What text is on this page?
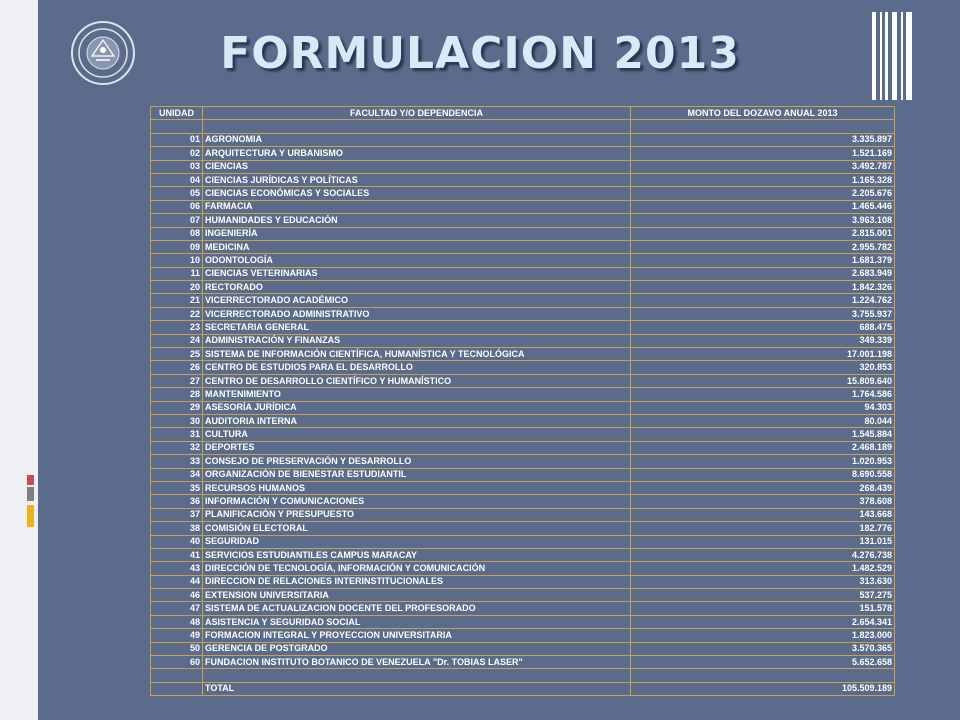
FORMULACION 2013
UNIDAD	FACULTAD Y/O DEPENDENCIA	MONTO DEL DOZAVO ANUAL 2013

01	AGRONOMIA	3.335.897
02	ARQUITECTURA Y URBANISMO	1.521.169
03	CIENCIAS	3.492.787
04	CIENCIAS JURÍDICAS Y POLÍTICAS	1.165.328
05	CIENCIAS ECONÓMICAS Y SOCIALES	2.205.676
06	FARMACIA	1.465.446
07	HUMANIDADES Y EDUCACIÓN	3.963.108
08	INGENIERÍA	2.815.001
09	MEDICINA	2.955.782
10	ODONTOLOGÍA	1.681.379
11	CIENCIAS VETERINARIAS	2.683.949
20	RECTORADO	1.842.326
21	VICERRECTORADO ACADÉMICO	1.224.762
22	VICERRECTORADO ADMINISTRATIVO	3.755.937
23	SECRETARIA GENERAL	688.475
24	ADMINISTRACIÓN Y FINANZAS	349.339
25	SISTEMA DE INFORMACIÓN CIENTÍFICA, HUMANÍSTICA Y TECNOLÓGICA	17.001.198
26	CENTRO DE ESTUDIOS PARA EL DESARROLLO	320.853
27	CENTRO DE DESARROLLO CIENTÍFICO Y HUMANÍSTICO	15.809.640
28	MANTENIMIENTO	1.764.586
29	ASESORÍA JURÍDICA	94.303
30	AUDITORIA INTERNA	80.044
31	CULTURA	1.545.884
32	DEPORTES	2.468.189
33	CONSEJO DE PRESERVACIÓN Y DESARROLLO	1.020.953
34	ORGANIZACIÓN DE BIENESTAR ESTUDIANTIL	8.690.558
35	RECURSOS HUMANOS	268.439
36	INFORMACIÓN Y COMUNICACIONES	378.608
37	PLANIFICACIÓN Y PRESUPUESTO	143.668
38	COMISIÓN ELECTORAL	182.776
40	SEGURIDAD	131.015
41	SERVICIOS ESTUDIANTILES CAMPUS MARACAY	4.276.738
43	DIRECCIÓN DE TECNOLOGÍA, INFORMACIÓN Y COMUNICACIÓN	1.482.529
44	DIRECCION DE RELACIONES INTERINSTITUCIONALES	313.630
46	EXTENSION UNIVERSITARIA	537.275
47	SISTEMA DE ACTUALIZACION DOCENTE DEL PROFESORADO	151.578
48	ASISTENCIA Y SEGURIDAD SOCIAL	2.654.341
49	FORMACION INTEGRAL Y PROYECCION UNIVERSITARIA	1.823.000
50	GERENCIA DE POSTGRADO	3.570.365
60	FUNDACION INSTITUTO BOTANICO DE VENEZUELA "Dr. TOBIAS LASER"	5.652.658

	TOTAL	105.509.189
